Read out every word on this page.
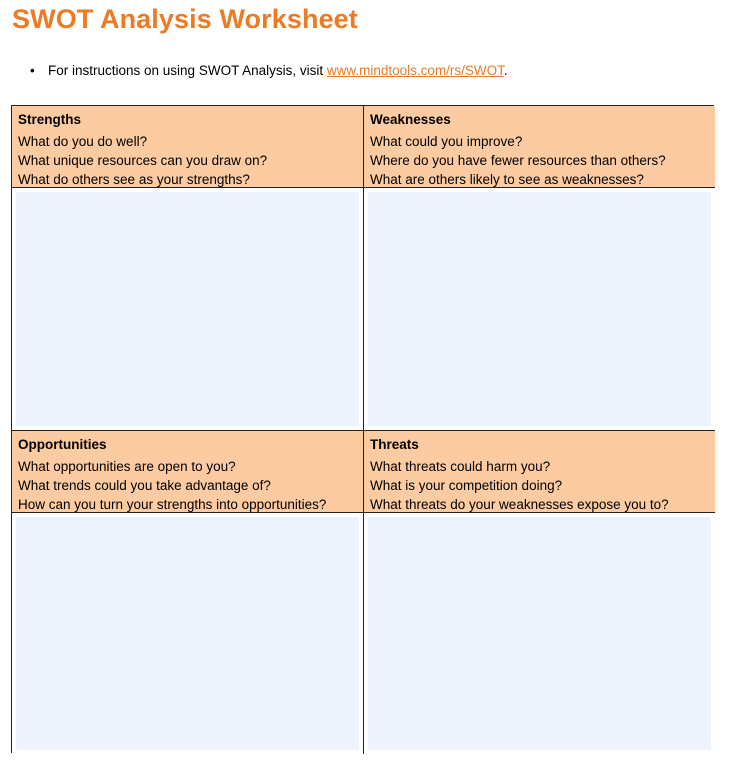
SWOT Analysis Worksheet
• For instructions on using SWOT Analysis, visit www.mindtools.com/rs/SWOT.
Strengths
What do you do well?
What unique resources can you draw on?
What do others see as your strengths?
Weaknesses
What could you improve?
Where do you have fewer resources than others?
What are others likely to see as weaknesses?
Opportunities
What opportunities are open to you?
What trends could you take advantage of?
How can you turn your strengths into opportunities?
Threats
What threats could harm you?
What is your competition doing?
What threats do your weaknesses expose you to?
